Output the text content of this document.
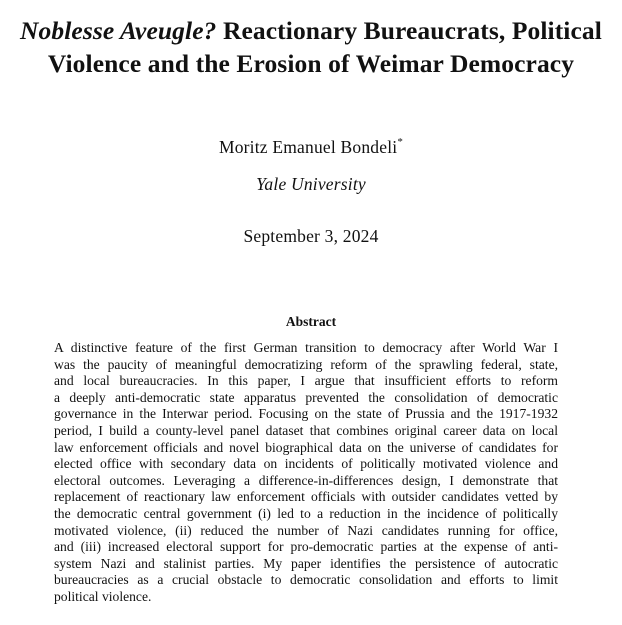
Noblesse Aveugle? Reactionary Bureaucrats, Political Violence and the Erosion of Weimar Democracy
Moritz Emanuel Bondeli*
Yale University
September 3, 2024
Abstract
A distinctive feature of the first German transition to democracy after World War I
was the paucity of meaningful democratizing reform of the sprawling federal, state,
and local bureaucracies. In this paper, I argue that insufficient efforts to reform
a deeply anti-democratic state apparatus prevented the consolidation of democratic
governance in the Interwar period. Focusing on the state of Prussia and the 1917-1932
period, I build a county-level panel dataset that combines original career data on local
law enforcement officials and novel biographical data on the universe of candidates for
elected office with secondary data on incidents of politically motivated violence and
electoral outcomes. Leveraging a difference-in-differences design, I demonstrate that
replacement of reactionary law enforcement officials with outsider candidates vetted by
the democratic central government (i) led to a reduction in the incidence of politically
motivated violence, (ii) reduced the number of Nazi candidates running for office,
and (iii) increased electoral support for pro-democratic parties at the expense of anti-
system Nazi and stalinist parties. My paper identifies the persistence of autocratic
bureaucracies as a crucial obstacle to democratic consolidation and efforts to limit
political violence.
